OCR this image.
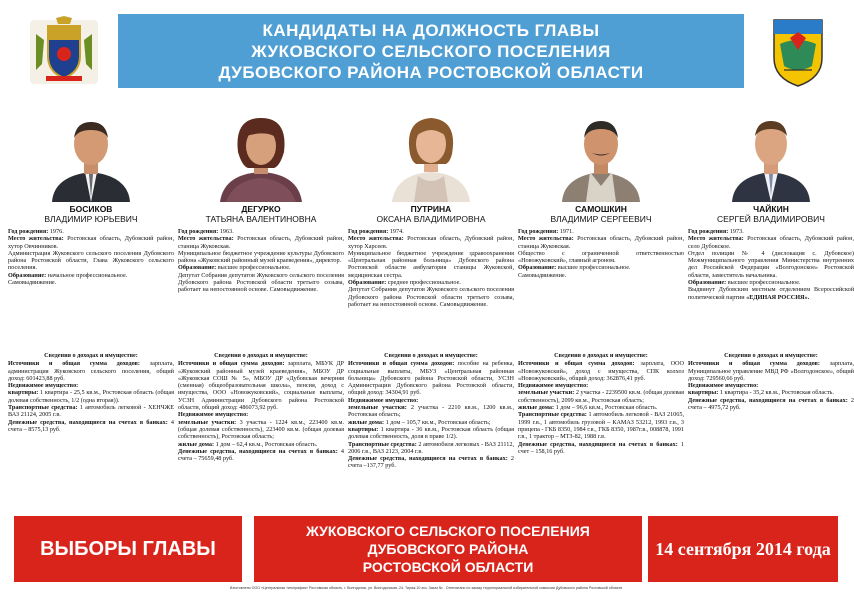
КАНДИДАТЫ НА ДОЛЖНОСТЬ ГЛАВЫ
ЖУКОВСКОГО СЕЛЬСКОГО ПОСЕЛЕНИЯ
ДУБОВСКОГО РАЙОНА РОСТОВСКОЙ ОБЛАСТИ
БОСИКОВ
ВЛАДИМИР ЮРЬЕВИЧ
Год рождения: 1976.
Место жительства: Ростовская область, Дубовский район, хутор Овчинников.
Администрация Жуковского сельского поселения Дубовского района Ростовской области, Глава Жуковского сельского поселения.
Образование: начальное профессиональное.
Самовыдвижение.
Сведения о доходах и имуществе:
Источники и общая сумма доходов: зарплата, администрация Жуковского сельского поселения, общий доход: 601423,88 руб.
Недвижимое имущество:
квартиры: 1 квартира - 25,5 кв.м., Ростовская область (общая долевая собственность, 1/2 (одна вторая)).
Транспортные средства: 1 автомобиль легковой - ХЕНЧЖЕ ВАЗ 21124, 2005 г.в.
Денежные средства, находящиеся на счетах в банках: 4 счета – 8575,13 руб.
ДЕГУРКО
ТАТЬЯНА ВАЛЕНТИНОВНА
Год рождения: 1963.
Место жительства: Ростовская область, Дубовский район, станица Жуковская.
Муниципальное бюджетное учреждение культуры Дубовского района «Жуковский районный музей краеведения», директор.
Образование: высшее профессиональное.
Депутат Собрания депутатов Жуковского сельского поселения Дубовского района Ростовской области третьего созыва, работает на непостоянной основе. Самовыдвижение.
Сведения о доходах и имуществе:
Источники и общая сумма доходов: зарплата, МБУК ДР «Жуковский районный музей краеведения», МБОУ ДР «Жуковская СОШ № 5», МБОУ ДР «Дубовская вечерняя (сменная) общеобразовательная школа», пенсия, доход с имущества, ООО «Новожуковский», социальные выплаты, УСЗН Администрации Дубовского района Ростовской области, общий доход: 486073,92 руб.
Недвижимое имущество:
земельные участки: 3 участка - 1224 кв.м., 223400 кв.м. (общая долевая собственность), 223400 кв.м. (общая долевая собственность), Ростовская область;
жилые дома: 1 дом – 62,4 кв.м., Ростовская область.
Денежные средства, находящиеся на счетах в банках: 4 счета – 75659,48 руб.
ПУТРИНА
ОКСАНА ВЛАДИМИРОВНА
Год рождения: 1974.
Место жительства: Ростовская область, Дубовский район, хутор Харсеев.
Муниципальное бюджетное учреждение здравоохранения «Центральная районная больница» Дубовского района Ростовской области амбулатория станицы Жуковской, медицинская сестра.
Образование: среднее профессиональное.
Депутат Собрания депутатов Жуковского сельского поселения Дубовского района Ростовской области третьего созыва, работает на непостоянной основе. Самовыдвижение.
Сведения о доходах и имуществе:
Источники и общая сумма доходов: пособие на ребенка, социальные выплаты, МБУЗ «Центральная районная больница» Дубовского района Ростовской области, УСЗН Администрации Дубовского района Ростовской области, общий доход: 34304,91 руб.
Недвижимое имущество:
земельные участки: 2 участка - 2210 кв.м., 1200 кв.м., Ростовская область;
жилые дома: 1 дом – 105,7 кв.м., Ростовская область;
квартиры: 1 квартира - 36 кв.м., Ростовская область (общая долевая собственность, доля в праве 1/2).
Транспортные средства: 2 автомобиля легковых - ВАЗ 21112, 2006 г.в., ВАЗ 2123, 2004 г.в.
Денежные средства, находящиеся на счетах в банках: 2 счета –137,77 руб.
САМОШКИН
ВЛАДИМИР СЕРГЕЕВИЧ
Год рождения: 1971.
Место жительства: Ростовская область, Дубовский район, станица Жуковская.
Общество с ограниченной ответственностью «Новожуковский», главный агроном.
Образование: высшее профессиональное.
Самовыдвижение.
Сведения о доходах и имуществе:
Источники и общая сумма доходов: зарплата, ООО «Новожуковский», доход с имущества, СПК колхоз «Новожуковский», общий доход: 362876,41 руб.
Недвижимое имущество:
земельные участки: 2 участка - 2239500 кв.м. (общая долевая собственность), 2099 кв.м., Ростовская область;
жилые дома: 1 дом – 96,6 кв.м., Ростовская область.
Транспортные средства: 1 автомобиль легковой - ВАЗ 21065, 1999 г.в., 1 автомобиль грузовой – КАМАЗ 53212, 1993 г.в., 3 прицепа - ГКБ 8350, 1984 г.в., ГКБ 8350, 1987г.в., 008878, 1991 г.в., 1 трактор – МТЗ-82, 1988 г.в.
Денежные средства, находящиеся на счетах в банках: 1 счет – 158,16 руб.
ЧАЙКИН
СЕРГЕЙ ВЛАДИМИРОВИЧ
Год рождения: 1973.
Место жительства: Ростовская область, Дубовский район, село Дубовское.
Отдел полиции № 4 (дислокация с. Дубовское) Межмуниципального управления Министерства внутренних дел Российской Федерации «Волгодонское» Ростовской области, заместитель начальника.
Образование: высшее профессиональное.
Выдвинут Дубовским местным отделением Всероссийской политической партии «ЕДИНАЯ РОССИЯ».
Сведения о доходах и имуществе:
Источники и общая сумма доходов: зарплата, Муниципальное управление МВД РФ «Волгодонское», общий доход: 729560,66 руб.
Недвижимое имущество:
квартиры: 1 квартира - 35,2 кв.м., Ростовская область.
Денежные средства, находящиеся на счетах в банках: 2 счета – 4975,72 руб.
ВЫБОРЫ ГЛАВЫ
ЖУКОВСКОГО СЕЛЬСКОГО ПОСЕЛЕНИЯ
ДУБОВСКОГО РАЙОНА
РОСТОВСКОЙ ОБЛАСТИ
14 сентября 2014 года
Изготовлено ООО «Центральная типография» Ростовская область, г. Волгодонск, ул. Волгодонская, 24. Тираж 10 экз. Заказ № . Отпечатано по заказу территориальной избирательной комиссии Дубовского района Ростовской области
